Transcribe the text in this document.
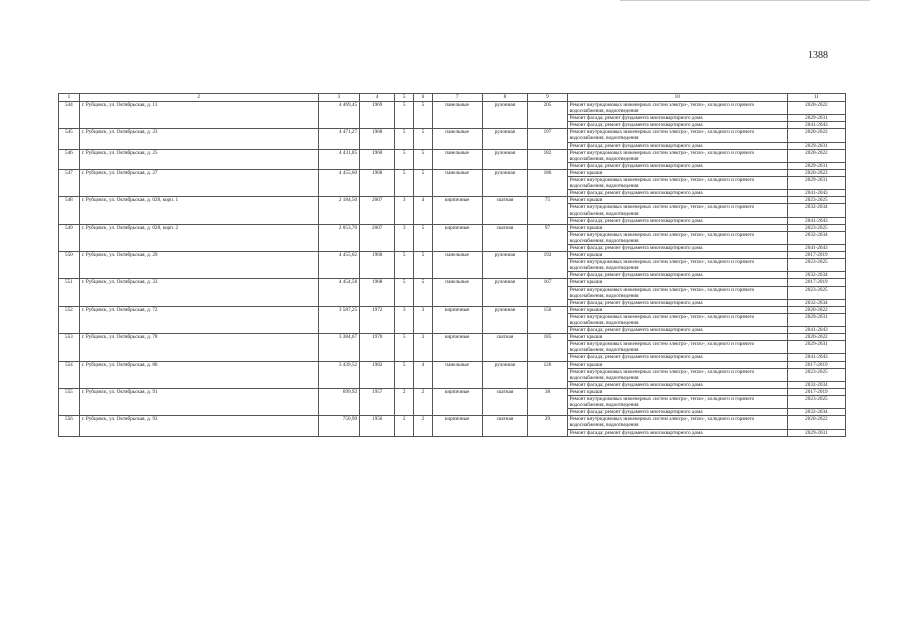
1388
1	2	3	4	5	6	7	8	9	10	11
544	г. Рубцовск, ул. Октябрьская, д. 13	4 469,45	1969	5	5	панельные	рулонная	205	Ремонт внутридомовых инженерных систем электро-, тепло-, холодного и горячего водоснабжения, водоотведения	2020-2022
									Ремонт фасада; ремонт фундамента многоквартирного дома	2029-2031
									Ремонт фасада; ремонт фундамента многоквартирного дома	2041-2043
545	г. Рубцовск, ул. Октябрьская, д. 23	4 471,27	1968	5	5	панельные	рулонная	197	Ремонт внутридомовых инженерных систем электро-, тепло-, холодного и горячего водоснабжения, водоотведения	2020-2022
									Ремонт фасада; ремонт фундамента многоквартирного дома	2029-2031
546	г. Рубцовск, ул. Октябрьская, д. 25	4 431,85	1968	5	5	панельные	рулонная	182	Ремонт внутридомовых инженерных систем электро-, тепло-, холодного и горячего водоснабжения, водоотведения	2020-2022
									Ремонт фасада; ремонт фундамента многоквартирного дома	2029-2031
547	г. Рубцовск, ул. Октябрьская, д. 27	4 455,60	1968	5	5	панельные	рулонная	186	Ремонт крыши	2020-2022
									Ремонт внутридомовых инженерных систем электро-, тепло-, холодного и горячего водоснабжения, водоотведения	2029-2031
									Ремонт фасада; ремонт фундамента многоквартирного дома	2041-2043
548	г. Рубцовск, ул. Октябрьская, д. 028, корп. 1	2 184,50	2007	3	4	кирпичные	скатная	75	Ремонт крыши	2023-2025
									Ремонт внутридомовых инженерных систем электро-, тепло-, холодного и горячего водоснабжения, водоотведения	2032-2034
									Ремонт фасада; ремонт фундамента многоквартирного дома	2041-2043
549	г. Рубцовск, ул. Октябрьская, д. 028, корп. 2	2 053,70	2007	3	5	кирпичные	скатная	97	Ремонт крыши	2023-2025
									Ремонт внутридомовых инженерных систем электро-, тепло-, холодного и горячего водоснабжения, водоотведения	2032-2034
									Ремонт фасада; ремонт фундамента многоквартирного дома	2041-2043
550	г. Рубцовск, ул. Октябрьская, д. 29	4 455,02	1968	5	5	панельные	рулонная	192	Ремонт крыши	2017-2019
									Ремонт внутридомовых инженерных систем электро-, тепло-, холодного и горячего водоснабжения, водоотведения	2023-2025
									Ремонт фасада; ремонт фундамента многоквартирного дома	2032-2034
551	г. Рубцовск, ул. Октябрьская, д. 33	4 454,58	1968	5	5	панельные	рулонная	167	Ремонт крыши	2017-2019
									Ремонт внутридомовых инженерных систем электро-, тепло-, холодного и горячего водоснабжения, водоотведения	2023-2025
									Ремонт фасада; ремонт фундамента многоквартирного дома	2032-2034
552	г. Рубцовск, ул. Октябрьская, д. 72	3 587,25	1972	3	3	кирпичные	рулонная	156	Ремонт крыши	2020-2022
									Ремонт внутридомовых инженерных систем электро-, тепло-, холодного и горячего водоснабжения, водоотведения	2029-2031
									Ремонт фасада; ремонт фундамента многоквартирного дома	2041-2043
553	г. Рубцовск, ул. Октябрьская, д. 78	3 384,67	1970	5	3	кирпичные	скатная	185	Ремонт крыши	2020-2022
									Ремонт внутридомовых инженерных систем электро-, тепло-, холодного и горячего водоснабжения, водоотведения	2029-2031
									Ремонт фасада; ремонт фундамента многоквартирного дома	2041-2043
554	г. Рубцовск, ул. Октябрьская, д. 80	3 439,52	1982	5	4	панельные	рулонная	126	Ремонт крыши	2017-2019
									Ремонт внутридомовых инженерных систем электро-, тепло-, холодного и горячего водоснабжения, водоотведения	2023-2025
									Ремонт фасада; ремонт фундамента многоквартирного дома	2032-2034
555	г. Рубцовск, ул. Октябрьская, д. 91	699,92	1957	2	2	кирпичные	скатная	38	Ремонт крыши	2017-2019
									Ремонт внутридомовых инженерных систем электро-, тепло-, холодного и горячего водоснабжения, водоотведения	2023-2025
									Ремонт фасада; ремонт фундамента многоквартирного дома	2032-2034
556	г. Рубцовск, ул. Октябрьская, д. 93	750,99	1956	2	2	кирпичные	скатная	29	Ремонт внутридомовых инженерных систем электро-, тепло-, холодного и горячего водоснабжения, водоотведения	2020-2022
									Ремонт фасада; ремонт фундамента многоквартирного дома	2029-2031
